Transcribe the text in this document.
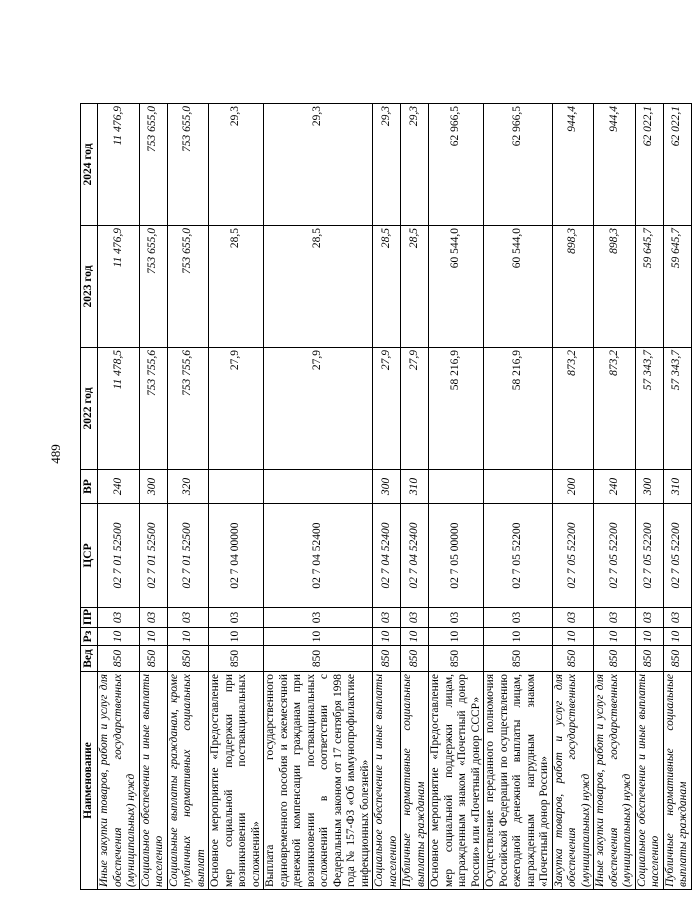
489
Наименование	Вед	Рз	ПР	ЦСР	ВР	2022 год	2023 год	2024 год
Иные закупки товаров, работ и услуг для обеспечения государственных (муниципальных) нужд	850	10	03	02 7 01 52500	240	11 478,5	11 476,9	11 476,9
Социальное обеспечение и иные выплаты населению	850	10	03	02 7 01 52500	300	753 755,6	753 655,0	753 655,0
Социальные выплаты гражданам, кроме публичных нормативных социальных выплат	850	10	03	02 7 01 52500	320	753 755,6	753 655,0	753 655,0
Основное мероприятие «Предоставление мер социальной поддержки при возникновении поствакцинальных осложнений»	850	10	03	02 7 04 00000		27,9	28,5	29,3
Выплата государственного единовременного пособия и ежемесячной денежной компенсации гражданам при возникновении поствакцинальных осложнений в соответствии с Федеральным законом от 17 сентября 1998 года № 157-ФЗ «Об иммунопрофилактике инфекционных болезней»	850	10	03	02 7 04 52400		27,9	28,5	29,3
Социальное обеспечение и иные выплаты населению	850	10	03	02 7 04 52400	300	27,9	28,5	29,3
Публичные нормативные социальные выплаты гражданам	850	10	03	02 7 04 52400	310	27,9	28,5	29,3
Основное мероприятие «Предоставление мер социальной поддержки лицам, награжденным знаком «Почетный донор России» или «Почетный донор СССР»	850	10	03	02 7 05 00000		58 216,9	60 544,0	62 966,5
Осуществление переданного полномочия Российской Федерации по осуществлению ежегодной денежной выплаты лицам, награжденным нагрудным знаком «Почетный донор России»	850	10	03	02 7 05 52200		58 216,9	60 544,0	62 966,5
Закупка товаров, работ и услуг для обеспечения государственных (муниципальных) нужд	850	10	03	02 7 05 52200	200	873,2	898,3	944,4
Иные закупки товаров, работ и услуг для обеспечения государственных (муниципальных) нужд	850	10	03	02 7 05 52200	240	873,2	898,3	944,4
Социальное обеспечение и иные выплаты населению	850	10	03	02 7 05 52200	300	57 343,7	59 645,7	62 022,1
Публичные нормативные социальные выплаты гражданам	850	10	03	02 7 05 52200	310	57 343,7	59 645,7	62 022,1
